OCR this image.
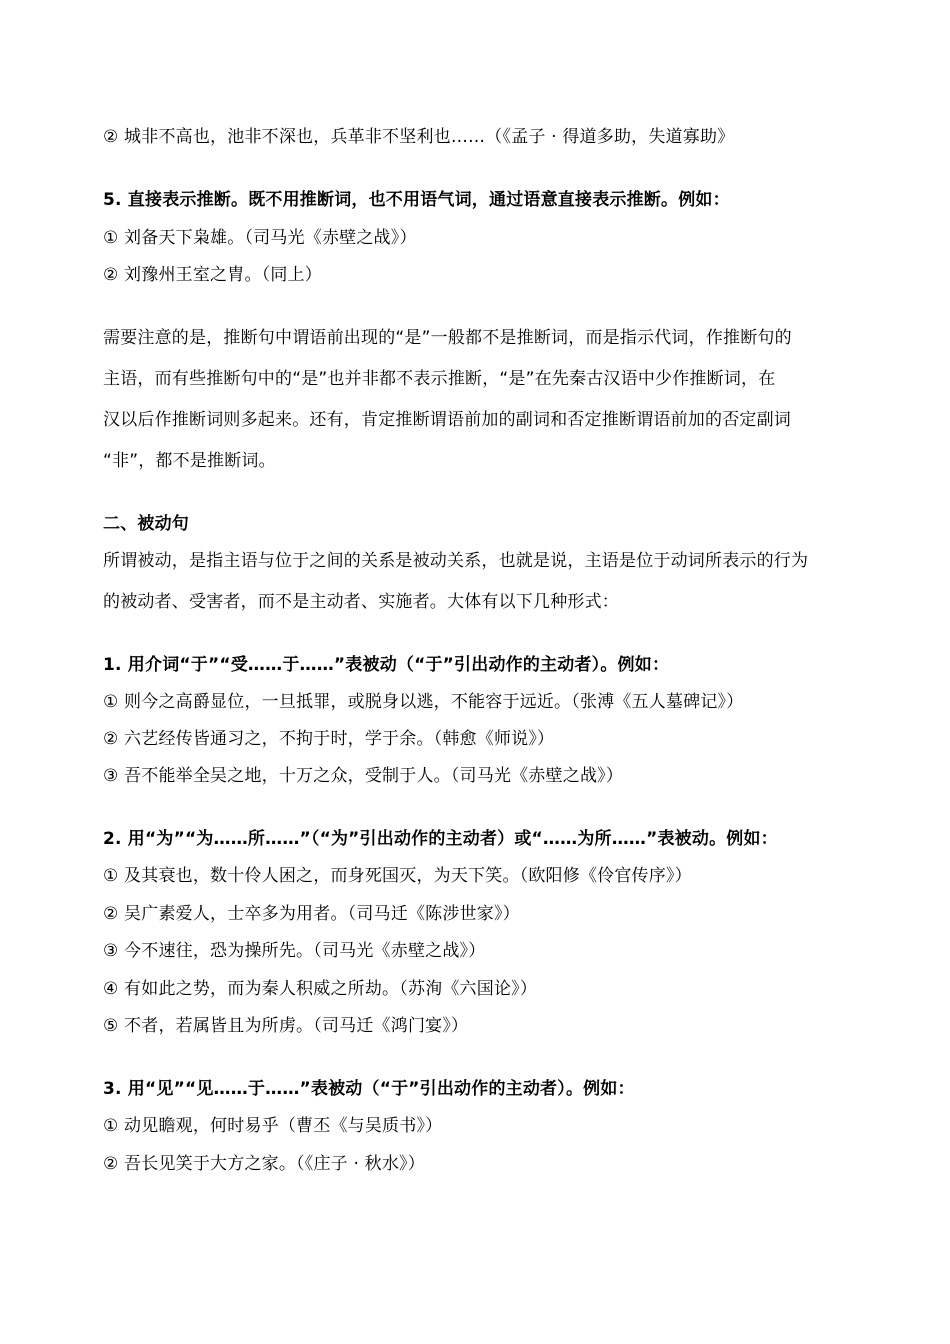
② 城非不高也，池非不深也，兵革非不坚利也……（《孟子 · 得道多助，失道寡助》
5. 直接表示推断。既不用推断词，也不用语气词，通过语意直接表示推断。例如：
① 刘备天下枭雄。（司马光《赤壁之战》）
② 刘豫州王室之胄。（同上）
需要注意的是，推断句中谓语前出现的“是”一般都不是推断词，而是指示代词，作推断句的
主语，而有些推断句中的“是”也并非都不表示推断，“是”在先秦古汉语中少作推断词，在
汉以后作推断词则多起来。还有，肯定推断谓语前加的副词和否定推断谓语前加的否定副词
“非”，都不是推断词。
二、被动句
所谓被动，是指主语与位于之间的关系是被动关系，也就是说，主语是位于动词所表示的行为
的被动者、受害者，而不是主动者、实施者。大体有以下几种形式：
1. 用介词“于”“受……于……”表被动（“于”引出动作的主动者）。例如：
① 则今之高爵显位，一旦抵罪，或脱身以逃，不能容于远近。（张溥《五人墓碑记》）
② 六艺经传皆通习之，不拘于时，学于余。（韩愈《师说》）
③ 吾不能举全吴之地，十万之众，受制于人。（司马光《赤壁之战》）
2. 用“为”“为……所……”（“为”引出动作的主动者）或“……为所……”表被动。例如：
① 及其衰也，数十伶人困之，而身死国灭，为天下笑。（欧阳修《伶官传序》）
② 吴广素爱人，士卒多为用者。（司马迁《陈涉世家》）
③ 今不速往，恐为操所先。（司马光《赤壁之战》）
④ 有如此之势，而为秦人积威之所劫。（苏洵《六国论》）
⑤ 不者，若属皆且为所虏。（司马迁《鸿门宴》）
3. 用“见”“见……于……”表被动（“于”引出动作的主动者）。例如：
① 动见瞻观，何时易乎（曹丕《与吴质书》）
② 吾长见笑于大方之家。（《庄子 · 秋水》）
